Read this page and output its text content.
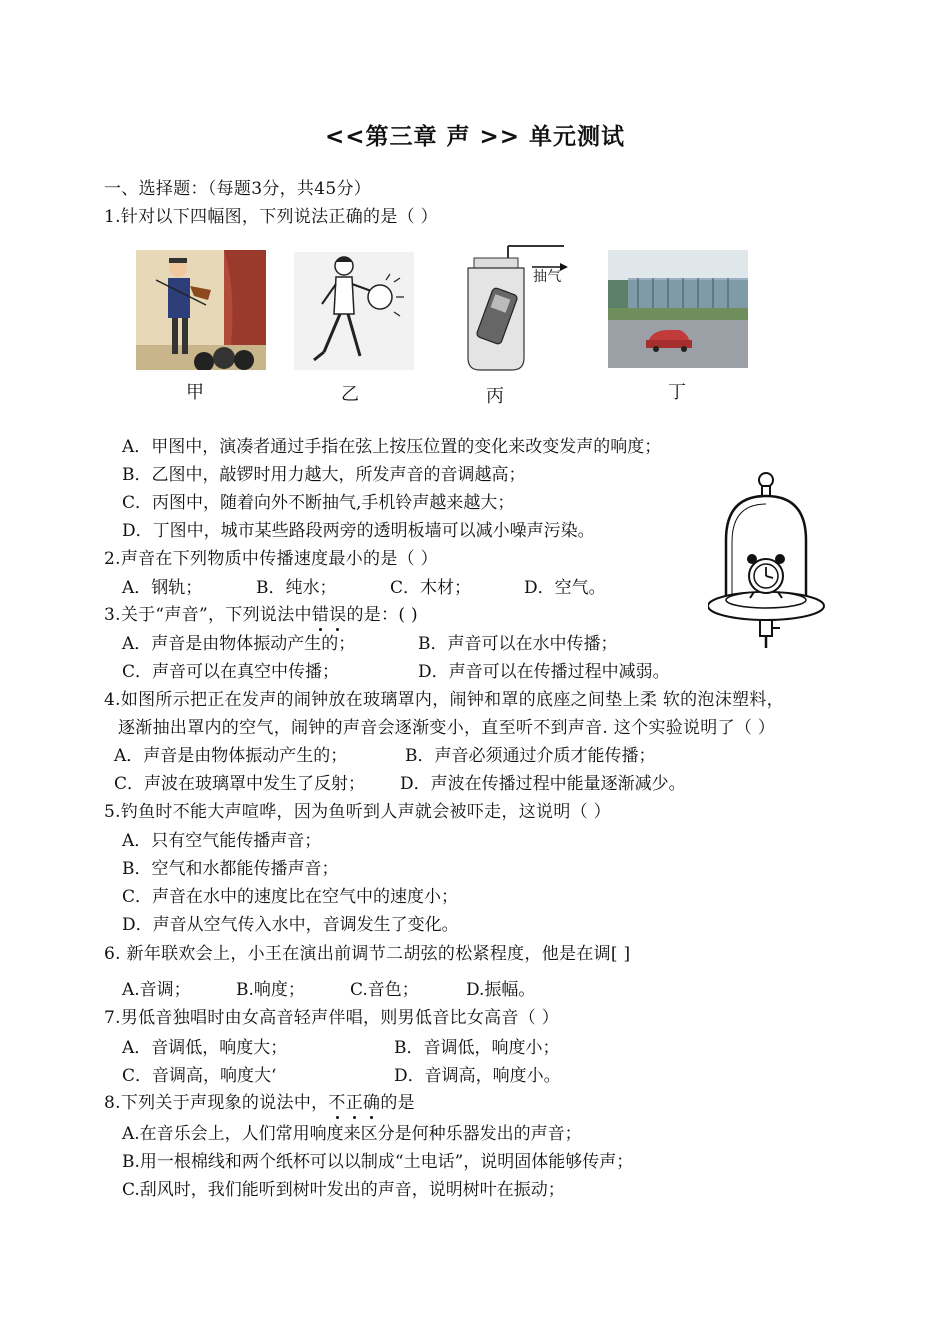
<<第三章 声 >> 单元测试
一、选择题：（每题3分，共45分）
1.针对以下四幅图，下列说法正确的是（ ）
甲	乙
抽气
丙	丁
A．甲图中，演凑者通过手指在弦上按压位置的变化来改变发声的响度；
B．乙图中，敲锣时用力越大，所发声音的音调越高；
C．丙图中，随着向外不断抽气,手机铃声越来越大；
D．丁图中，城市某些路段两旁的透明板墙可以减小噪声污染。
2.声音在下列物质中传播速度最小的是（ ）
A．钢轨；	B．纯水；	C．木材；	D．空气。
3.关于“声音”，下列说法中错误的是：( )
A．声音是由物体振动产生的；	B．声音可以在水中传播；
C．声音可以在真空中传播；	D．声音可以在传播过程中减弱。
4.如图所示把正在发声的闹钟放在玻璃罩内，闹钟和罩的底座之间垫上柔 软的泡沫塑料，
逐渐抽出罩内的空气，闹钟的声音会逐渐变小，直至听不到声音. 这个实验说明了（ ）
A．声音是由物体振动产生的；	B．声音必须通过介质才能传播；
C．声波在玻璃罩中发生了反射； D．声波在传播过程中能量逐渐减少。
5.钓鱼时不能大声喧哗，因为鱼听到人声就会被吓走，这说明（ ）
A．只有空气能传播声音；
B．空气和水都能传播声音；
C．声音在水中的速度比在空气中的速度小；
D．声音从空气传入水中，音调发生了变化。
6. 新年联欢会上，小王在演出前调节二胡弦的松紧程度，他是在调[ ]
A.音调；	B.响度；	C.音色；	D.振幅。
7.男低音独唱时由女高音轻声伴唱，则男低音比女高音（ ）
A．音调低，响度大；	B．音调低，响度小；
C．音调高，响度大‘	D．音调高，响度小。
8.下列关于声现象的说法中，不正确的是
A.在音乐会上，人们常用响度来区分是何种乐器发出的声音；
B.用一根棉线和两个纸杯可以以制成“土电话”，说明固体能够传声；
C.刮风时，我们能听到树叶发出的声音，说明树叶在振动；
